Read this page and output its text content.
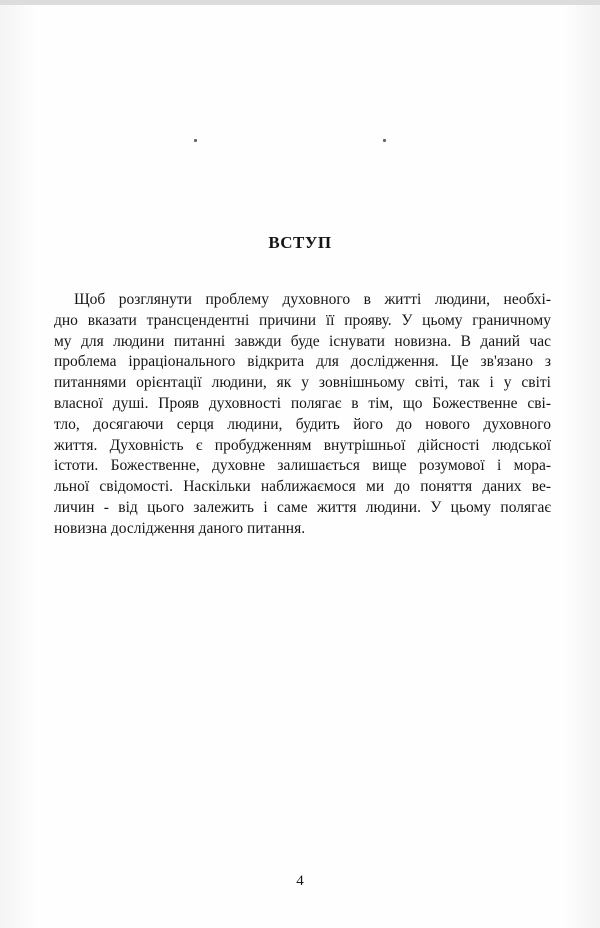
ВСТУП

Щоб розглянути проблему духовного в житті людини, необхі-
дно вказати трансцендентні причини її прояву. У цьому граничному
му для людини питанні завжди буде існувати новизна. В даний час
проблема ірраціонального відкрита для дослідження. Це зв'язано з
питаннями орієнтації людини, як у зовнішньому світі, так і у світі
власної душі. Прояв духовності полягає в тім, що Божественне сві-
тло, досягаючи серця людини, будить його до нового духовного
життя. Духовність є пробудженням внутрішньої дійсності людської
істоти. Божественне, духовне залишається вище розумової і мора-
льної свідомості. Наскільки наближаємося ми до поняття даних ве-
личин - від цього залежить і саме життя людини. У цьому полягає
новизна дослідження даного питання.

4
